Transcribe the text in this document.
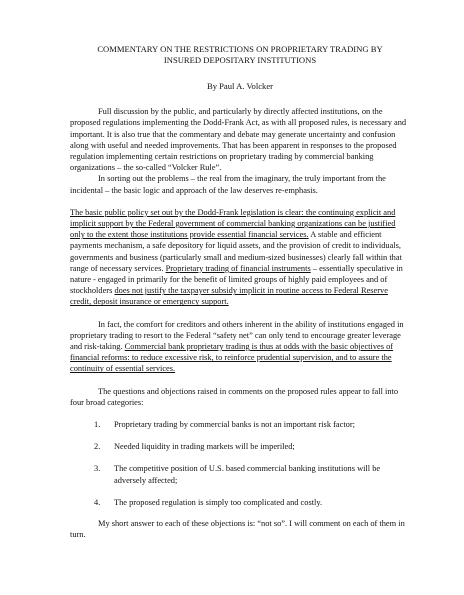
COMMENTARY ON THE RESTRICTIONS ON PROPRIETARY TRADING BY
INSURED DEPOSITARY INSTITUTIONS
By Paul A. Volcker

Full discussion by the public, and particularly by directly affected institutions, on the proposed regulations implementing the Dodd-Frank Act, as with all proposed rules, is necessary and important. It is also true that the commentary and debate may generate uncertainty and confusion along with useful and needed improvements. That has been apparent in responses to the proposed regulation implementing certain restrictions on proprietary trading by commercial banking organizations – the so-called “Volcker Rule”.

In sorting out the problems – the real from the imaginary, the truly important from the incidental – the basic logic and approach of the law deserves re-emphasis.

The basic public policy set out by the Dodd-Frank legislation is clear: the continuing explicit and implicit support by the Federal government of commercial banking organizations can be justified only to the extent those institutions provide essential financial services. A stable and efficient payments mechanism, a safe depository for liquid assets, and the provision of credit to individuals, governments and business (particularly small and medium-sized businesses) clearly fall within that range of necessary services. Proprietary trading of financial instruments – essentially speculative in nature - engaged in primarily for the benefit of limited groups of highly paid employees and of stockholders does not justify the taxpayer subsidy implicit in routine access to Federal Reserve credit, deposit insurance or emergency support.

In fact, the comfort for creditors and others inherent in the ability of institutions engaged in proprietary trading to resort to the Federal “safety net” can only tend to encourage greater leverage and risk-taking. Commercial bank proprietary trading is thus at odds with the basic objectives of financial reforms: to reduce excessive risk, to reinforce prudential supervision, and to assure the continuity of essential services.

The questions and objections raised in comments on the proposed rules appear to fall into four broad categories:

1. Proprietary trading by commercial banks is not an important risk factor;
2. Needed liquidity in trading markets will be imperiled;
3. The competitive position of U.S. based commercial banking institutions will be adversely affected;
4. The proposed regulation is simply too complicated and costly.

My short answer to each of these objections is: “not so”. I will comment on each of them in turn.
